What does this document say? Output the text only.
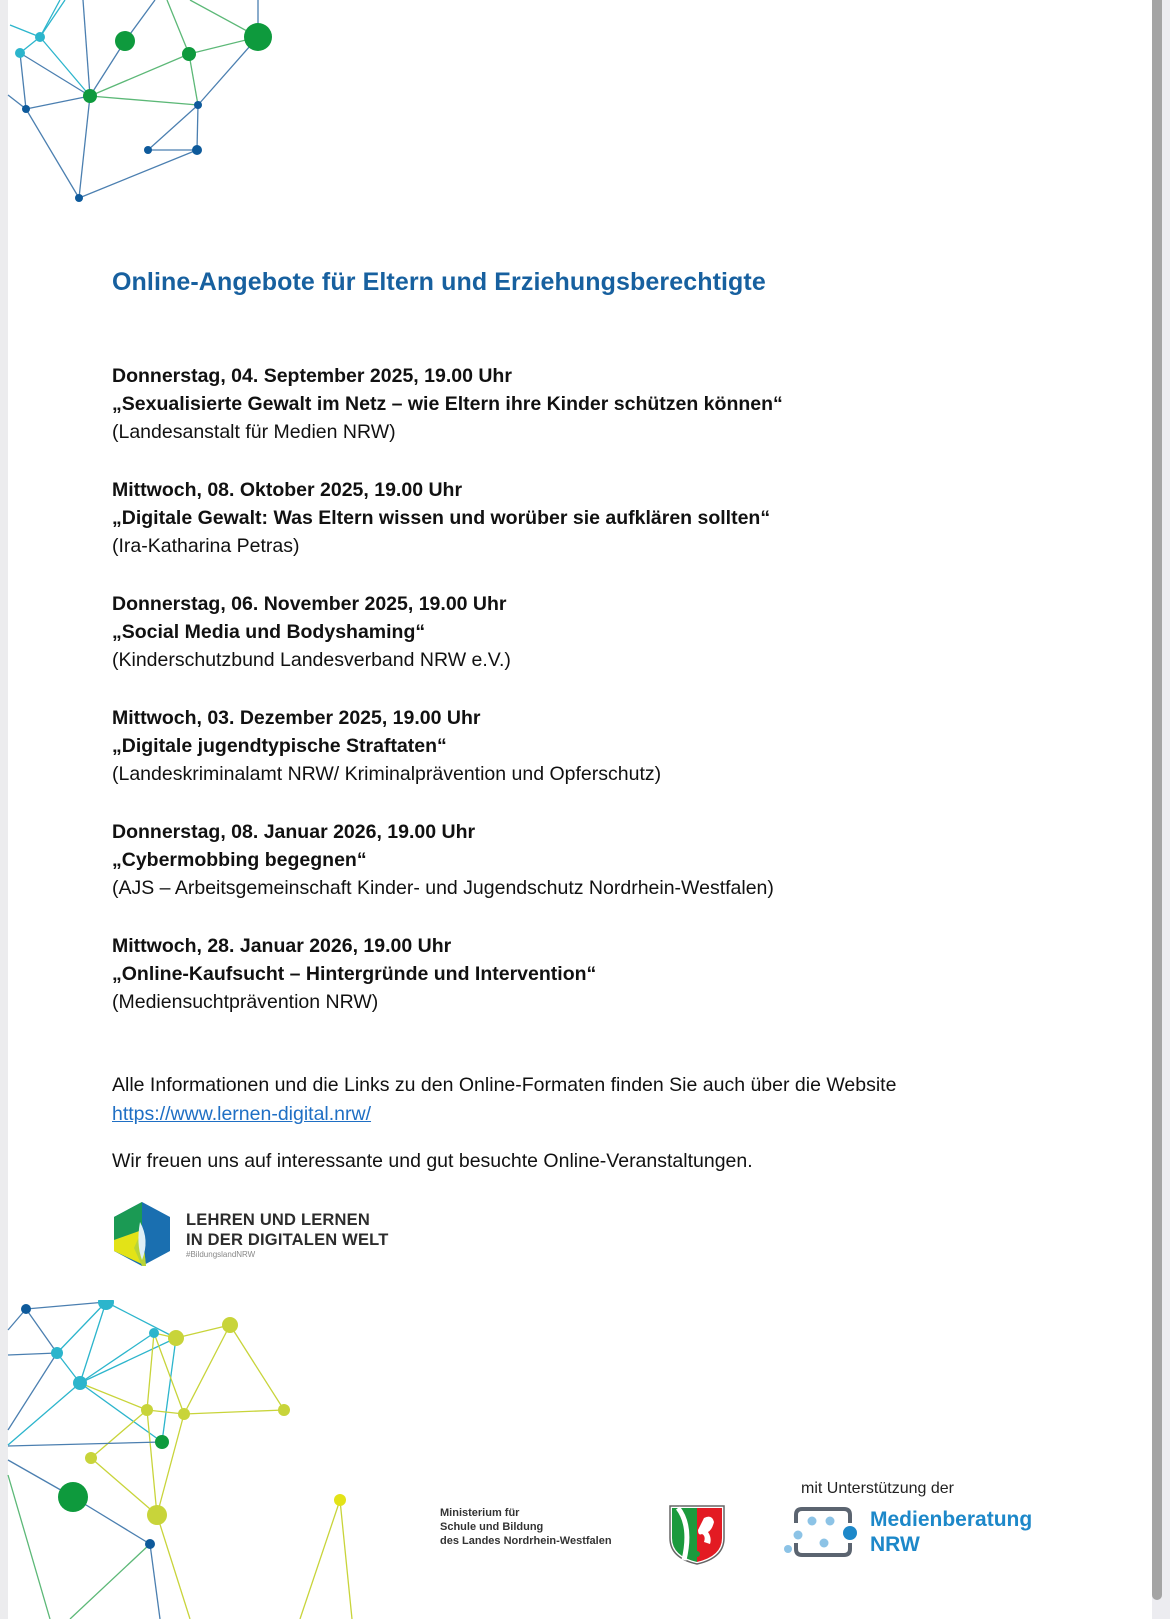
Online-Angebote für Eltern und Erziehungsberechtigte
Donnerstag, 04. September 2025, 19.00 Uhr
„Sexualisierte Gewalt im Netz – wie Eltern ihre Kinder schützen können“
(Landesanstalt für Medien NRW)
Mittwoch, 08. Oktober 2025, 19.00 Uhr
„Digitale Gewalt: Was Eltern wissen und worüber sie aufklären sollten“
(Ira-Katharina Petras)
Donnerstag, 06. November 2025, 19.00 Uhr
„Social Media und Bodyshaming“
(Kinderschutzbund Landesverband NRW e.V.)
Mittwoch, 03. Dezember 2025, 19.00 Uhr
„Digitale jugendtypische Straftaten“
(Landeskriminalamt NRW/ Kriminalprävention und Opferschutz)
Donnerstag, 08. Januar 2026, 19.00 Uhr
„Cybermobbing begegnen“
(AJS – Arbeitsgemeinschaft Kinder- und Jugendschutz Nordrhein-Westfalen)
Mittwoch, 28. Januar 2026, 19.00 Uhr
„Online-Kaufsucht – Hintergründe und Intervention“
(Mediensuchtprävention NRW)
Alle Informationen und die Links zu den Online-Formaten finden Sie auch über die Website
https://www.lernen-digital.nrw/
Wir freuen uns auf interessante und gut besuchte Online-Veranstaltungen.
LEHREN UND LERNEN
IN DER DIGITALEN WELT
#BildungslandNRW
Ministerium für
Schule und Bildung
des Landes Nordrhein-Westfalen
mit Unterstützung der
Medienberatung
NRW
